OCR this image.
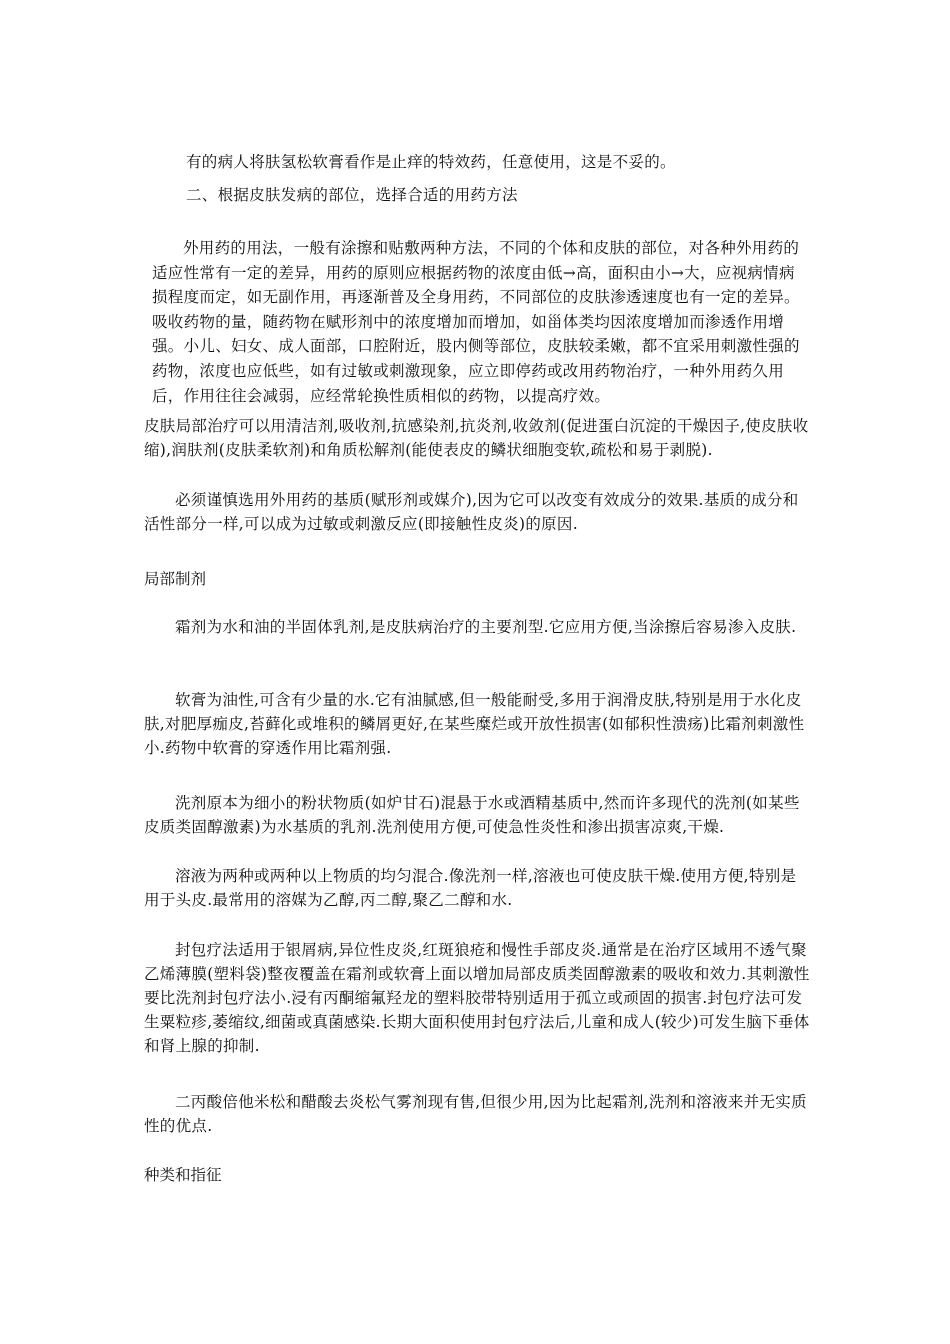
有的病人将肤氢松软膏看作是止痒的特效药，任意使用，这是不妥的。
二、根据皮肤发病的部位，选择合适的用药方法
外用药的用法，一般有涂擦和贴敷两种方法，不同的个体和皮肤的部位，对各种外用药的适应性常有一定的差异，用药的原则应根据药物的浓度由低→高，面积由小→大，应视病情病损程度而定，如无副作用，再逐渐普及全身用药，不同部位的皮肤渗透速度也有一定的差异。吸收药物的量，随药物在赋形剂中的浓度增加而增加，如甾体类均因浓度增加而渗透作用增强。小儿、妇女、成人面部，口腔附近，股内侧等部位，皮肤较柔嫩，都不宜采用刺激性强的药物，浓度也应低些，如有过敏或刺激现象，应立即停药或改用药物治疗，一种外用药久用后，作用往往会减弱，应经常轮换性质相似的药物，以提高疗效。
皮肤局部治疗可以用清洁剂,吸收剂,抗感染剂,抗炎剂,收敛剂(促进蛋白沉淀的干燥因子,使皮肤收缩),润肤剂(皮肤柔软剂)和角质松解剂(能使表皮的鳞状细胞变软,疏松和易于剥脱).
必须谨慎选用外用药的基质(赋形剂或媒介),因为它可以改变有效成分的效果.基质的成分和活性部分一样,可以成为过敏或刺激反应(即接触性皮炎)的原因.
局部制剂
霜剂为水和油的半固体乳剂,是皮肤病治疗的主要剂型.它应用方便,当涂擦后容易渗入皮肤.
软膏为油性,可含有少量的水.它有油腻感,但一般能耐受,多用于润滑皮肤,特别是用于水化皮肤,对肥厚痂皮,苔藓化或堆积的鳞屑更好,在某些糜烂或开放性损害(如郁积性溃疡)比霜剂刺激性小.药物中软膏的穿透作用比霜剂强.
洗剂原本为细小的粉状物质(如炉甘石)混悬于水或酒精基质中,然而许多现代的洗剂(如某些皮质类固醇激素)为水基质的乳剂.洗剂使用方便,可使急性炎性和渗出损害凉爽,干燥.
溶液为两种或两种以上物质的均匀混合.像洗剂一样,溶液也可使皮肤干燥.使用方便,特别是用于头皮.最常用的溶媒为乙醇,丙二醇,聚乙二醇和水.
封包疗法适用于银屑病,异位性皮炎,红斑狼疮和慢性手部皮炎.通常是在治疗区域用不透气聚乙烯薄膜(塑料袋)整夜覆盖在霜剂或软膏上面以增加局部皮质类固醇激素的吸收和效力.其刺激性要比洗剂封包疗法小.浸有丙酮缩氟羟龙的塑料胶带特别适用于孤立或顽固的损害.封包疗法可发生粟粒疹,萎缩纹,细菌或真菌感染.长期大面积使用封包疗法后,儿童和成人(较少)可发生脑下垂体和肾上腺的抑制.
二丙酸倍他米松和醋酸去炎松气雾剂现有售,但很少用,因为比起霜剂,洗剂和溶液来并无实质性的优点.
种类和指征
